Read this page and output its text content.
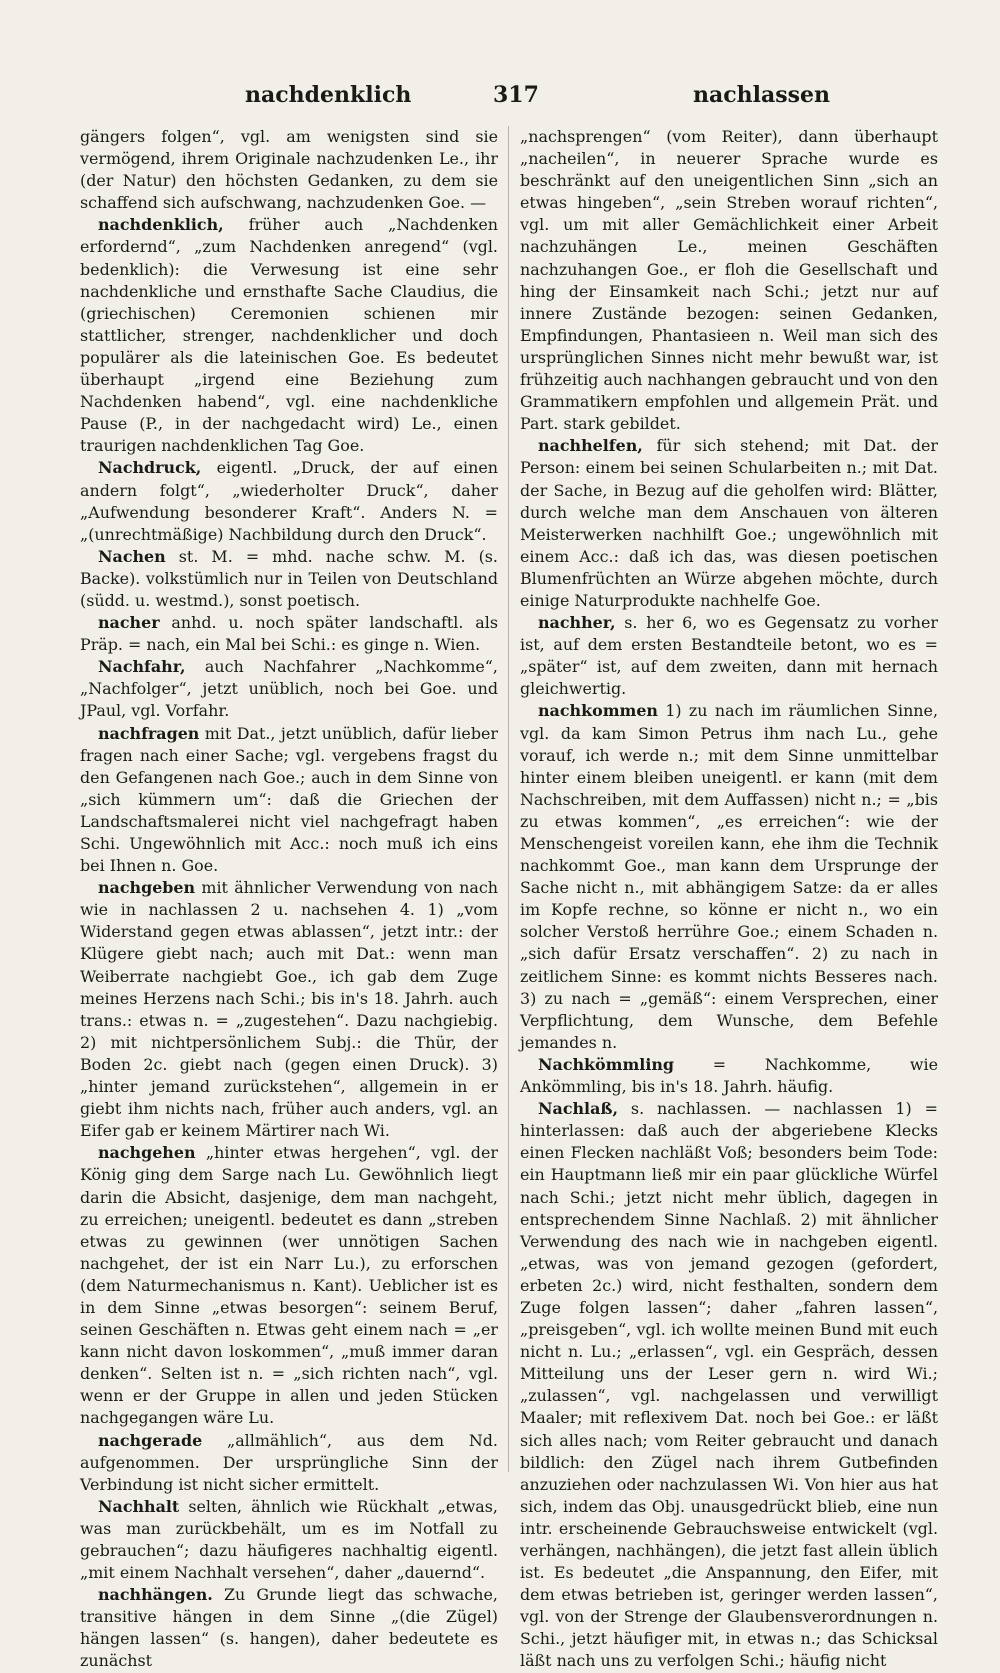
nachdenklich	317	nachlassen

gängers folgen“, vgl. am wenigsten sind sie vermögend, ihrem Originale nachzudenken Le., ihr (der Natur) den höchsten Gedanken, zu dem sie schaffend sich aufschwang, nachzudenken Goe. —

nachdenklich, früher auch „Nachdenken erfordernd“, „zum Nachdenken anregend“ (vgl. bedenklich): die Verwesung ist eine sehr nachdenkliche und ernsthafte Sache Claudius, die (griechischen) Ceremonien schienen mir stattlicher, strenger, nachdenklicher und doch populärer als die lateinischen Goe. Es bedeutet überhaupt „irgend eine Beziehung zum Nachdenken habend“, vgl. eine nachdenkliche Pause (P., in der nachgedacht wird) Le., einen traurigen nachdenklichen Tag Goe.

Nachdruck, eigentl. „Druck, der auf einen andern folgt“, „wiederholter Druck“, daher „Aufwendung besonderer Kraft“. Anders N. = „(unrechtmäßige) Nachbildung durch den Druck“.

Nachen st. M. = mhd. nache schw. M. (s. Backe). volkstümlich nur in Teilen von Deutschland (südd. u. westmd.), sonst poetisch.

nacher anhd. u. noch später landschaftl. als Präp. = nach, ein Mal bei Schi.: es ginge n. Wien.

Nachfahr, auch Nachfahrer „Nachkomme“, „Nachfolger“, jetzt unüblich, noch bei Goe. und JPaul, vgl. Vorfahr.

nachfragen mit Dat., jetzt unüblich, dafür lieber fragen nach einer Sache; vgl. vergebens fragst du den Gefangenen nach Goe.; auch in dem Sinne von „sich kümmern um“: daß die Griechen der Landschaftsmalerei nicht viel nachgefragt haben Schi. Ungewöhnlich mit Acc.: noch muß ich eins bei Ihnen n. Goe.

nachgeben mit ähnlicher Verwendung von nach wie in nachlassen 2 u. nachsehen 4. 1) „vom Widerstand gegen etwas ablassen“, jetzt intr.: der Klügere giebt nach; auch mit Dat.: wenn man Weiberrate nachgiebt Goe., ich gab dem Zuge meines Herzens nach Schi.; bis in's 18. Jahrh. auch trans.: etwas n. = „zugestehen“. Dazu nachgiebig. 2) mit nichtpersönlichem Subj.: die Thür, der Boden 2c. giebt nach (gegen einen Druck). 3) „hinter jemand zurückstehen“, allgemein in er giebt ihm nichts nach, früher auch anders, vgl. an Eifer gab er keinem Märtirer nach Wi.

nachgehen „hinter etwas hergehen“, vgl. der König ging dem Sarge nach Lu. Gewöhnlich liegt darin die Absicht, dasjenige, dem man nachgeht, zu erreichen; uneigentl. bedeutet es dann „streben etwas zu gewinnen (wer unnötigen Sachen nachgehet, der ist ein Narr Lu.), zu erforschen (dem Naturmechanismus n. Kant). Ueblicher ist es in dem Sinne „etwas besorgen“: seinem Beruf, seinen Geschäften n. Etwas geht einem nach = „er kann nicht davon loskommen“, „muß immer daran denken“. Selten ist n. = „sich richten nach“, vgl. wenn er der Gruppe in allen und jeden Stücken nachgegangen wäre Lu.

nachgerade „allmählich“, aus dem Nd. aufgenommen. Der ursprüngliche Sinn der Verbindung ist nicht sicher ermittelt.

Nachhalt selten, ähnlich wie Rückhalt „etwas, was man zurückbehält, um es im Notfall zu gebrauchen“; dazu häufigeres nachhaltig eigentl. „mit einem Nachhalt versehen“, daher „dauernd“.

nachhängen. Zu Grunde liegt das schwache, transitive hängen in dem Sinne „(die Zügel) hängen lassen“ (s. hangen), daher bedeutete es zunächst

„nachsprengen“ (vom Reiter), dann überhaupt „nacheilen“, in neuerer Sprache wurde es beschränkt auf den uneigentlichen Sinn „sich an etwas hingeben“, „sein Streben worauf richten“, vgl. um mit aller Gemächlichkeit einer Arbeit nachzuhängen Le., meinen Geschäften nachzuhangen Goe., er floh die Gesellschaft und hing der Einsamkeit nach Schi.; jetzt nur auf innere Zustände bezogen: seinen Gedanken, Empfindungen, Phantasieen n. Weil man sich des ursprünglichen Sinnes nicht mehr bewußt war, ist frühzeitig auch nachhangen gebraucht und von den Grammatikern empfohlen und allgemein Prät. und Part. stark gebildet.

nachhelfen, für sich stehend; mit Dat. der Person: einem bei seinen Schularbeiten n.; mit Dat. der Sache, in Bezug auf die geholfen wird: Blätter, durch welche man dem Anschauen von älteren Meisterwerken nachhilft Goe.; ungewöhnlich mit einem Acc.: daß ich das, was diesen poetischen Blumenfrüchten an Würze abgehen möchte, durch einige Naturprodukte nachhelfe Goe.

nachher, s. her 6, wo es Gegensatz zu vorher ist, auf dem ersten Bestandteile betont, wo es = „später“ ist, auf dem zweiten, dann mit hernach gleichwertig.

nachkommen 1) zu nach im räumlichen Sinne, vgl. da kam Simon Petrus ihm nach Lu., gehe vorauf, ich werde n.; mit dem Sinne unmittelbar hinter einem bleiben uneigentl. er kann (mit dem Nachschreiben, mit dem Auffassen) nicht n.; = „bis zu etwas kommen“, „es erreichen“: wie der Menschengeist voreilen kann, ehe ihm die Technik nachkommt Goe., man kann dem Ursprunge der Sache nicht n., mit abhängigem Satze: da er alles im Kopfe rechne, so könne er nicht n., wo ein solcher Verstoß herrühre Goe.; einem Schaden n. „sich dafür Ersatz verschaffen“. 2) zu nach in zeitlichem Sinne: es kommt nichts Besseres nach. 3) zu nach = „gemäß“: einem Versprechen, einer Verpflichtung, dem Wunsche, dem Befehle jemandes n.

Nachkömmling = Nachkomme, wie Ankömmling, bis in's 18. Jahrh. häufig.

Nachlaß, s. nachlassen. — nachlassen 1) = hinterlassen: daß auch der abgeriebene Klecks einen Flecken nachläßt Voß; besonders beim Tode: ein Hauptmann ließ mir ein paar glückliche Würfel nach Schi.; jetzt nicht mehr üblich, dagegen in entsprechendem Sinne Nachlaß. 2) mit ähnlicher Verwendung des nach wie in nachgeben eigentl. „etwas, was von jemand gezogen (gefordert, erbeten 2c.) wird, nicht festhalten, sondern dem Zuge folgen lassen“; daher „fahren lassen“, „preisgeben“, vgl. ich wollte meinen Bund mit euch nicht n. Lu.; „erlassen“, vgl. ein Gespräch, dessen Mitteilung uns der Leser gern n. wird Wi.; „zulassen“, vgl. nachgelassen und verwilligt Maaler; mit reflexivem Dat. noch bei Goe.: er läßt sich alles nach; vom Reiter gebraucht und danach bildlich: den Zügel nach ihrem Gutbefinden anzuziehen oder nachzulassen Wi. Von hier aus hat sich, indem das Obj. unausgedrückt blieb, eine nun intr. erscheinende Gebrauchsweise entwickelt (vgl. verhängen, nachhängen), die jetzt fast allein üblich ist. Es bedeutet „die Anspannung, den Eifer, mit dem etwas betrieben ist, geringer werden lassen“, vgl. von der Strenge der Glaubensverordnungen n. Schi., jetzt häufiger mit, in etwas n.; das Schicksal läßt nach uns zu verfolgen Schi.; häufig nicht
